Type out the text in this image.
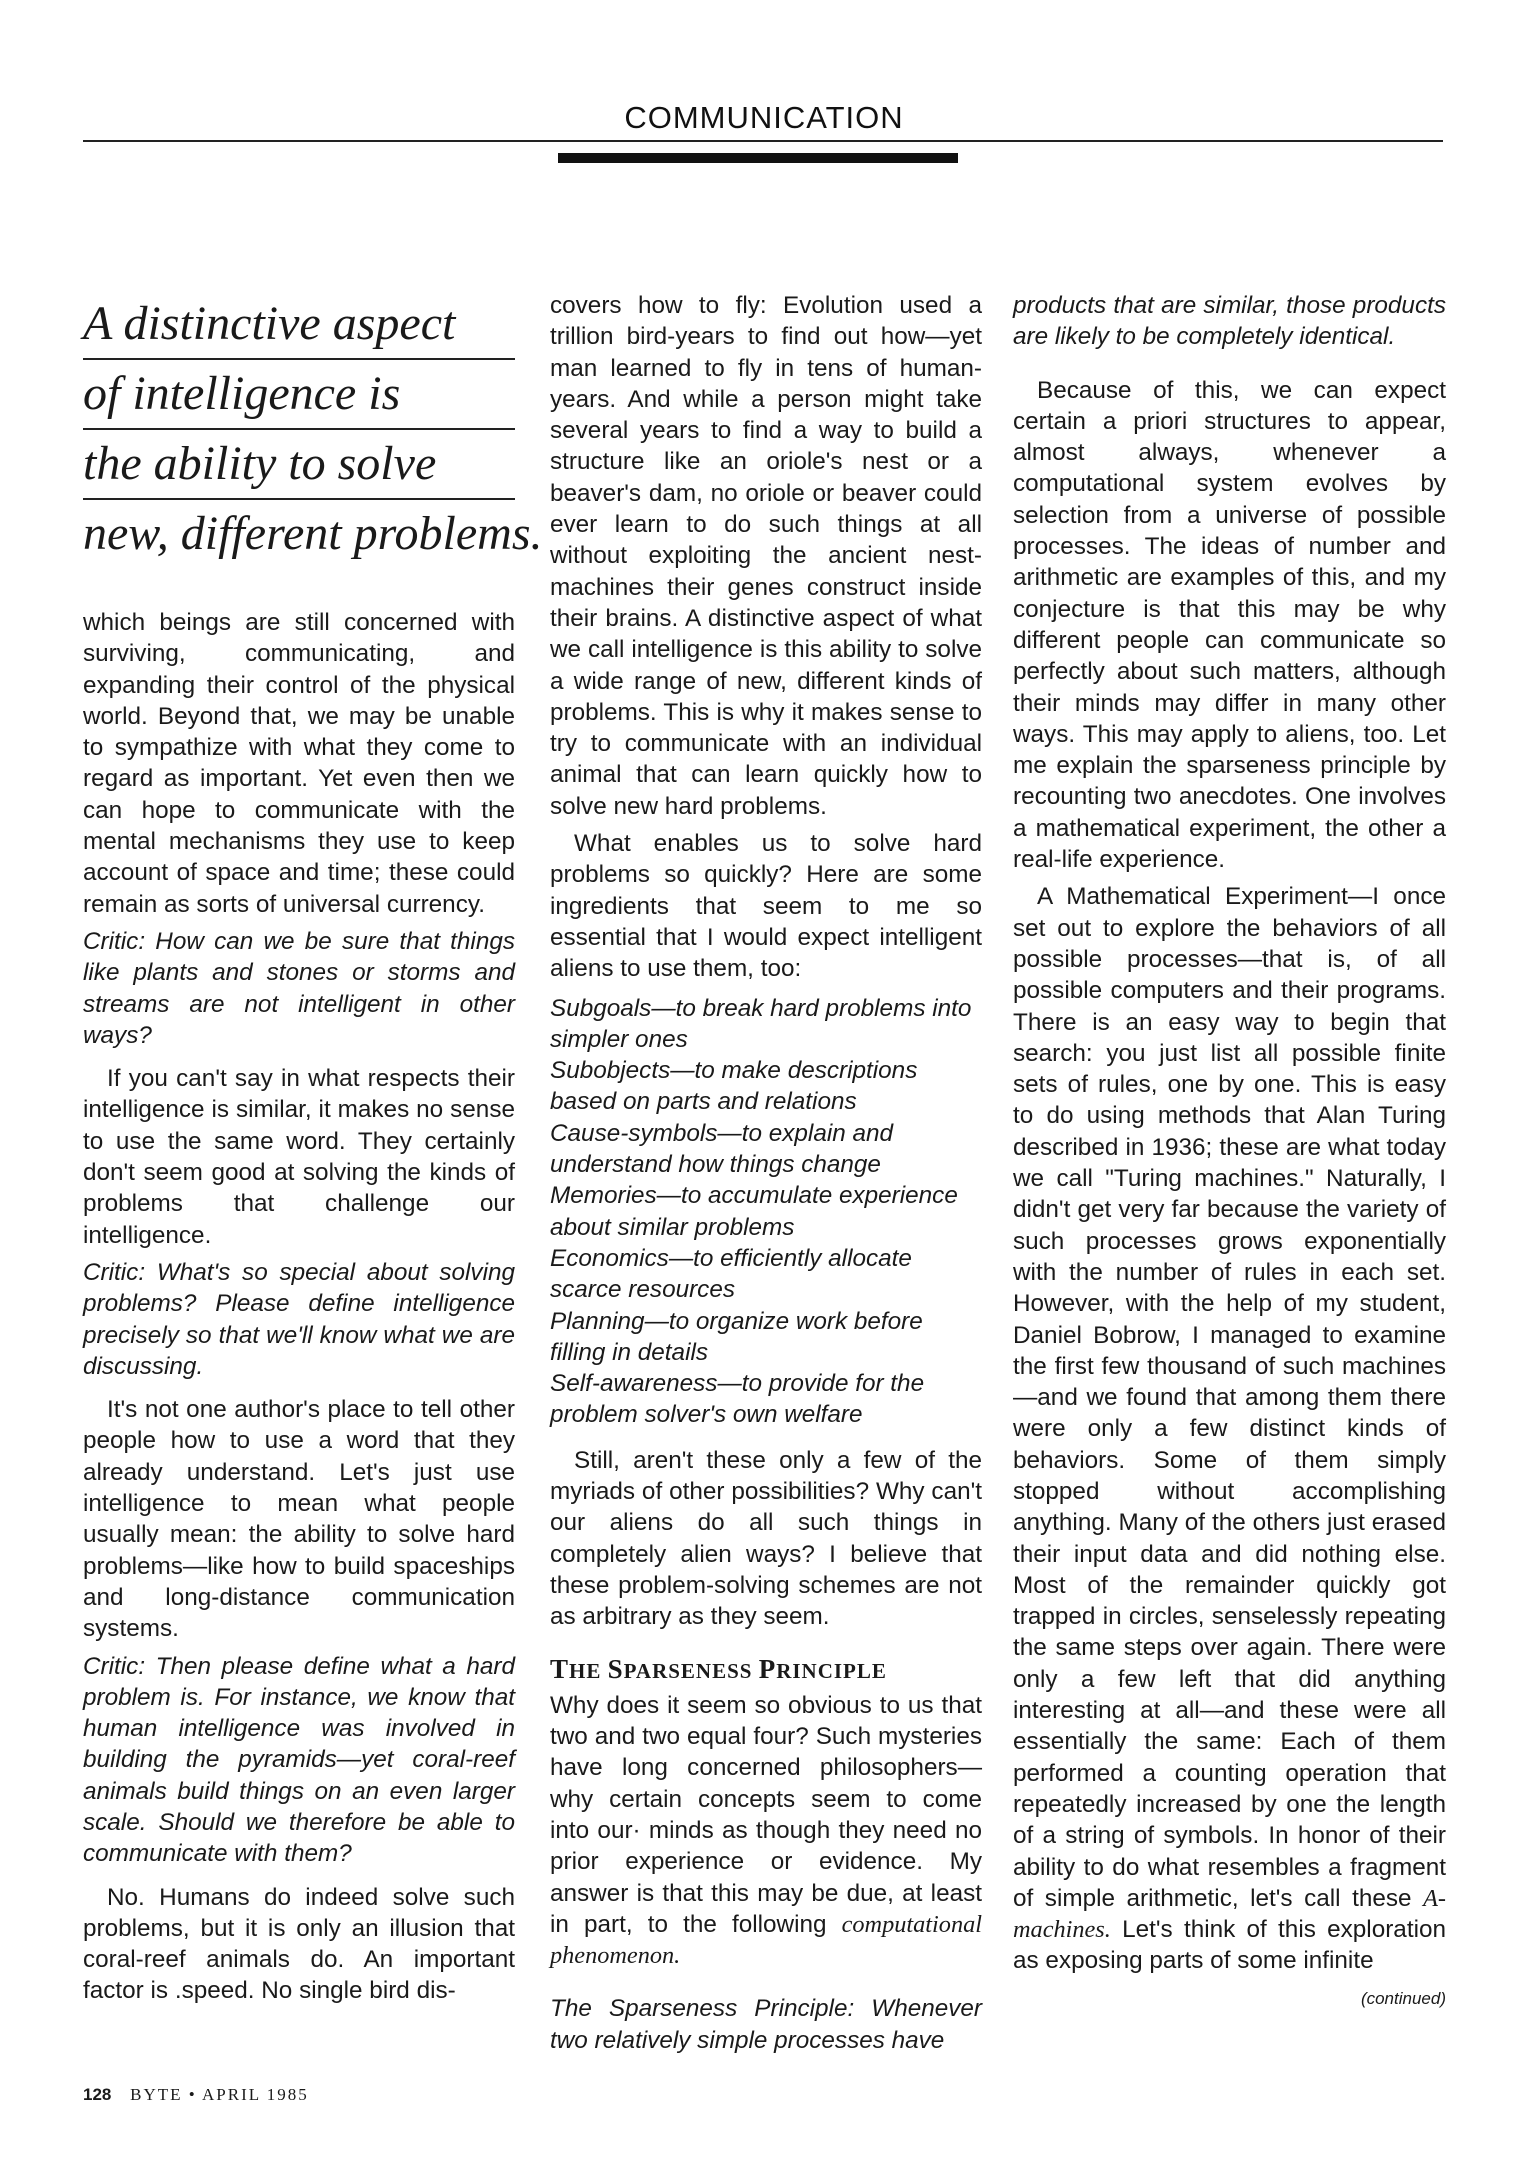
COMMUNICATION
A distinctive aspect
of intelligence is
the ability to solve
new, different problems.

which beings are still concerned with surviving, communicating, and expanding their control of the physical world. Beyond that, we may be unable to sympathize with what they come to regard as important. Yet even then we can hope to communicate with the mental mechanisms they use to keep account of space and time; these could remain as sorts of universal currency.

Critic: How can we be sure that things like plants and stones or storms and streams are not intelligent in other ways?

If you can't say in what respects their intelligence is similar, it makes no sense to use the same word. They certainly don't seem good at solving the kinds of problems that challenge our intelligence.

Critic: What's so special about solving problems? Please define intelligence precisely so that we'll know what we are discussing.

It's not one author's place to tell other people how to use a word that they already understand. Let's just use intelligence to mean what people usually mean: the ability to solve hard problems—like how to build spaceships and long-distance communication systems.

Critic: Then please define what a hard problem is. For instance, we know that human intelligence was involved in building the pyramids—yet coral-reef animals build things on an even larger scale. Should we therefore be able to communicate with them?

No. Humans do indeed solve such problems, but it is only an illusion that coral-reef animals do. An important factor is .speed. No single bird dis-

covers how to fly: Evolution used a trillion bird-years to find out how—yet man learned to fly in tens of human-years. And while a person might take several years to find a way to build a structure like an oriole's nest or a beaver's dam, no oriole or beaver could ever learn to do such things at all without exploiting the ancient nest-machines their genes construct inside their brains. A distinctive aspect of what we call intelligence is this ability to solve a wide range of new, different kinds of problems. This is why it makes sense to try to communicate with an individual animal that can learn quickly how to solve new hard problems.

What enables us to solve hard problems so quickly? Here are some ingredients that seem to me so essential that I would expect intelligent aliens to use them, too:

Subgoals—to break hard problems into simpler ones

Subobjects—to make descriptions based on parts and relations

Cause-symbols—to explain and understand how things change

Memories—to accumulate experience about similar problems

Economics—to efficiently allocate scarce resources

Planning—to organize work before filling in details

Self-awareness—to provide for the problem solver's own welfare

Still, aren't these only a few of the myriads of other possibilities? Why can't our aliens do all such things in completely alien ways? I believe that these problem-solving schemes are not as arbitrary as they seem.

THE SPARSENESS PRINCIPLE

Why does it seem so obvious to us that two and two equal four? Such mysteries have long concerned philosophers—why certain concepts seem to come into our· minds as though they need no prior experience or evidence. My answer is that this may be due, at least in part, to the following computational phenomenon.

The Sparseness Principle: Whenever two relatively simple processes have

products that are similar, those products are likely to be completely identical.

Because of this, we can expect certain a priori structures to appear, almost always, whenever a computational system evolves by selection from a universe of possible processes. The ideas of number and arithmetic are examples of this, and my conjecture is that this may be why different people can communicate so perfectly about such matters, although their minds may differ in many other ways. This may apply to aliens, too. Let me explain the sparseness principle by recounting two anecdotes. One involves a mathematical experiment, the other a real-life experience.

A Mathematical Experiment—I once set out to explore the behaviors of all possible processes—that is, of all possible computers and their programs. There is an easy way to begin that search: you just list all possible finite sets of rules, one by one. This is easy to do using methods that Alan Turing described in 1936; these are what today we call "Turing machines." Naturally, I didn't get very far because the variety of such processes grows exponentially with the number of rules in each set. However, with the help of my student, Daniel Bobrow, I managed to examine the first few thousand of such machines—and we found that among them there were only a few distinct kinds of behaviors. Some of them simply stopped without accomplishing anything. Many of the others just erased their input data and did nothing else. Most of the remainder quickly got trapped in circles, senselessly repeating the same steps over again. There were only a few left that did anything interesting at all—and these were all essentially the same: Each of them performed a counting operation that repeatedly increased by one the length of a string of symbols. In honor of their ability to do what resembles a fragment of simple arithmetic, let's call these A-machines. Let's think of this exploration as exposing parts of some infinite

(continued)
128 BYTE • APRIL 1985
